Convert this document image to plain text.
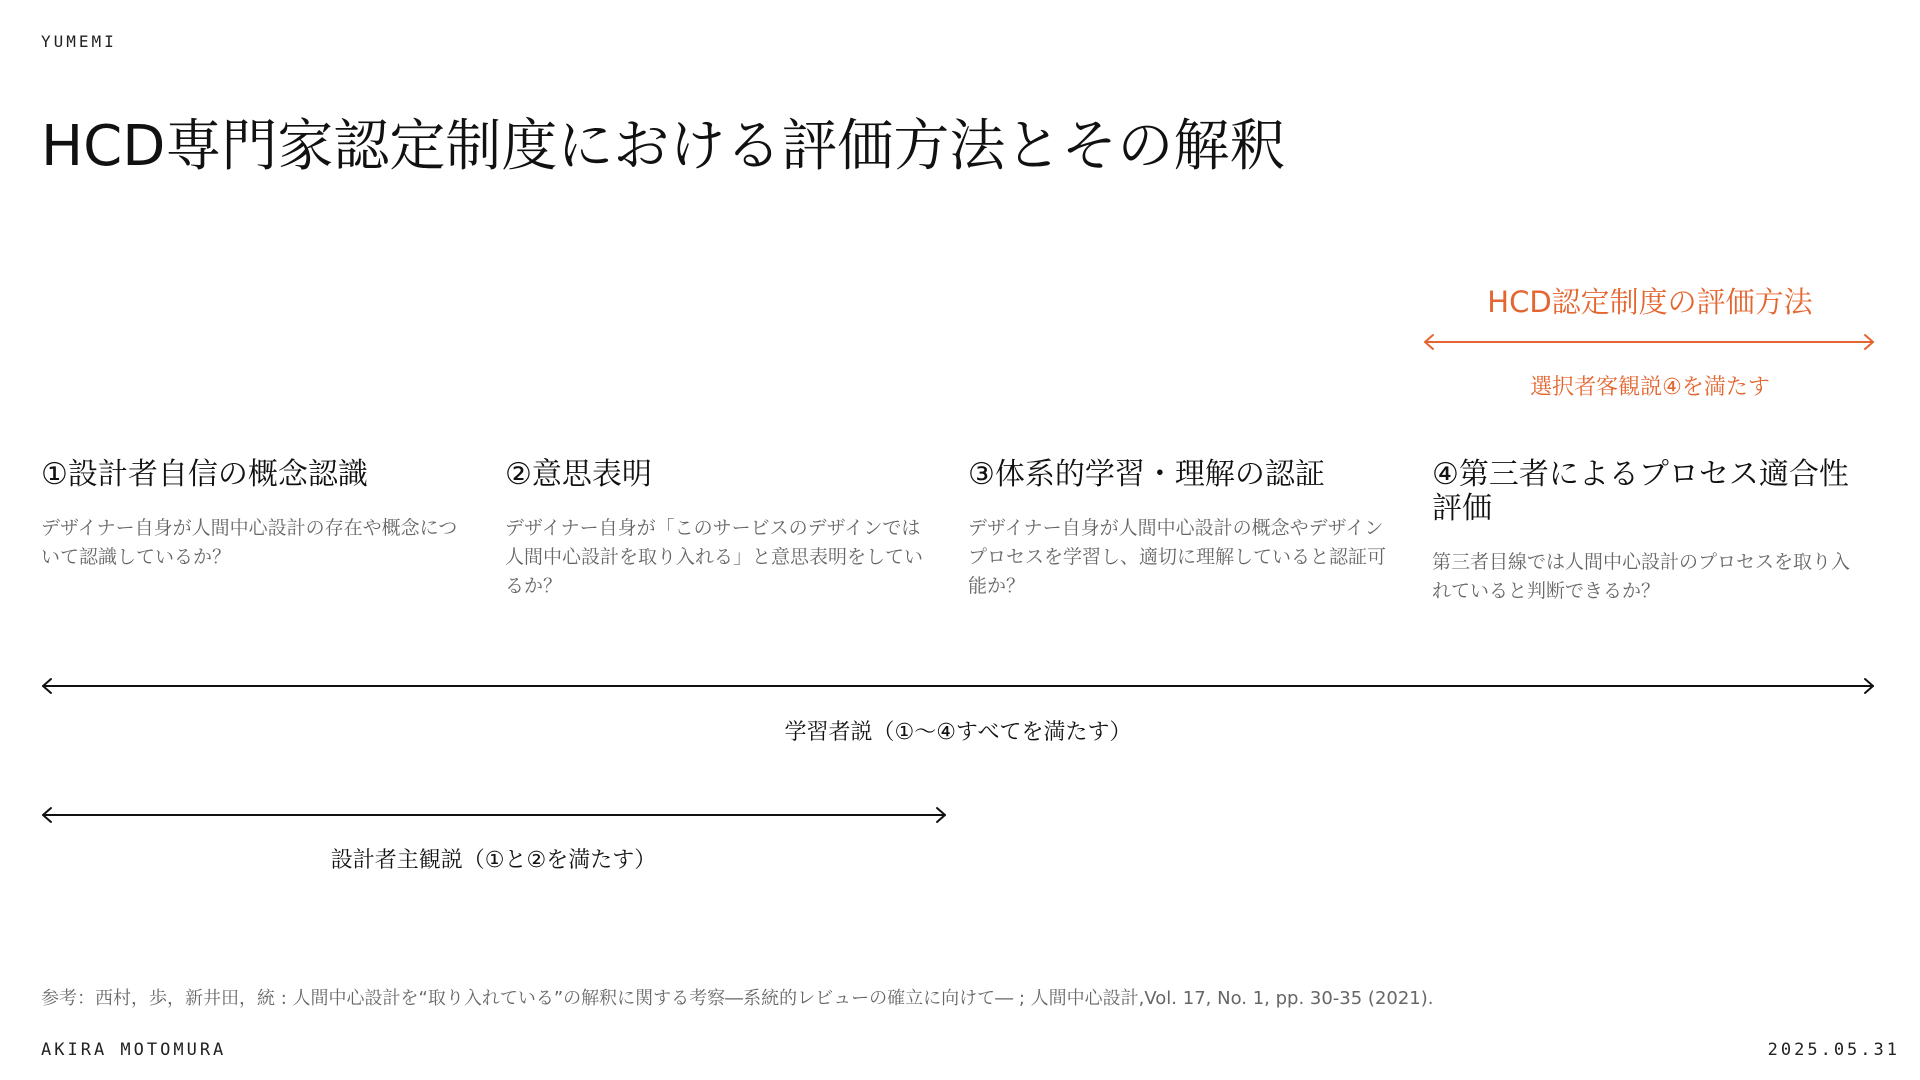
YUMEMI
HCD専門家認定制度における評価方法とその解釈
HCD認定制度の評価方法
選択者客観説④を満たす
①設計者自信の概念認識

デザイナー自身が人間中心設計の存在や概念について認識しているか？

②意思表明

デザイナー自身が「このサービスのデザインでは人間中心設計を取り入れる」と意思表明をしているか？

③体系的学習・理解の認証

デザイナー自身が人間中心設計の概念やデザインプロセスを学習し、適切に理解していると認証可能か？

④第三者によるプロセス適合性評価

第三者目線では人間中心設計のプロセスを取り入れていると判断できるか？

学習者説（①〜④すべてを満たす）
設計者主観説（①と②を満たす）
参考：西村，歩，新井田，統 : 人間中心設計を“取り入れている”の解釈に関する考察―系統的レビューの確立に向けて― ; 人間中心設計,Vol. 17, No. 1, pp. 30-35 (2021).
AKIRA MOTOMURA	2025.05.31
